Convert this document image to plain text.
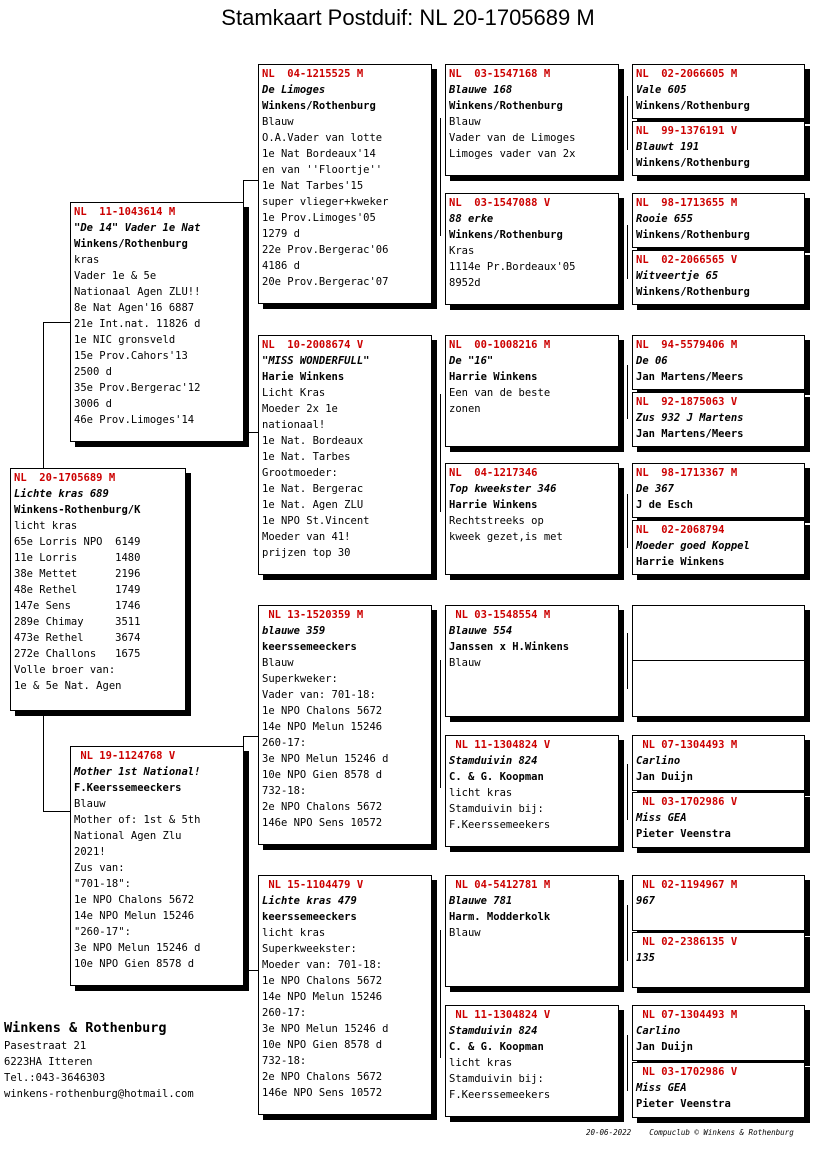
Stamkaart Postduif: NL 20-1705689 M
NL  20-1705689 M
Lichte kras 689
Winkens-Rothenburg/K
licht kras
65e Lorris NPO  6149
11e Lorris      1480
38e Mettet      2196
48e Rethel      1749
147e Sens       1746
289e Chimay     3511
473e Rethel     3674
272e Challons   1675
Volle broer van:
1e & 5e Nat. Agen
NL  11-1043614 M
"De 14" Vader 1e Nat
Winkens/Rothenburg
kras
Vader 1e & 5e
Nationaal Agen ZLU!!
8e Nat Agen'16 6887
21e Int.nat. 11826 d
1e NIC gronsveld
15e Prov.Cahors'13
2500 d
35e Prov.Bergerac'12
3006 d
46e Prov.Limoges'14
NL 19-1124768 V
Mother 1st National!
F.Keerssemeeckers
Blauw
Mother of: 1st & 5th
National Agen Zlu
2021!
Zus van:
"701-18":
1e NPO Chalons 5672
14e NPO Melun 15246
"260-17":
3e NPO Melun 15246 d
10e NPO Gien 8578 d
NL  04-1215525 M
De Limoges
Winkens/Rothenburg
Blauw
O.A.Vader van lotte
1e Nat Bordeaux'14
en van ''Floortje''
1e Nat Tarbes'15
super vlieger+kweker
1e Prov.Limoges'05
1279 d
22e Prov.Bergerac'06
4186 d
20e Prov.Bergerac'07
NL  10-2008674 V
"MISS WONDERFULL"
Harie Winkens
Licht Kras
Moeder 2x 1e
nationaal!
1e Nat. Bordeaux
1e Nat. Tarbes
Grootmoeder:
1e Nat. Bergerac
1e Nat. Agen ZLU
1e NPO St.Vincent
Moeder van 41!
prijzen top 30
NL 13-1520359 M
blauwe 359
keerssemeeckers
Blauw
Superkweker:
Vader van: 701-18:
1e NPO Chalons 5672
14e NPO Melun 15246
260-17:
3e NPO Melun 15246 d
10e NPO Gien 8578 d
732-18:
2e NPO Chalons 5672
146e NPO Sens 10572
NL 15-1104479 V
Lichte kras 479
keerssemeeckers
licht kras
Superkweekster:
Moeder van: 701-18:
1e NPO Chalons 5672
14e NPO Melun 15246
260-17:
3e NPO Melun 15246 d
10e NPO Gien 8578 d
732-18:
2e NPO Chalons 5672
146e NPO Sens 10572
NL  03-1547168 M
Blauwe 168
Winkens/Rothenburg
Blauw
Vader van de Limoges
Limoges vader van 2x
NL  03-1547088 V
88 erke
Winkens/Rothenburg
Kras
1114e Pr.Bordeaux'05
8952d
NL  00-1008216 M
De "16"
Harrie Winkens
Een van de beste
zonen
NL  04-1217346
Top kweekster 346
Harrie Winkens
Rechtstreeks op
kweek gezet,is met
NL 03-1548554 M
Blauwe 554
Janssen x H.Winkens
Blauw
NL 11-1304824 V
Stamduivin 824
C. & G. Koopman
licht kras
Stamduivin bij:
F.Keerssemeekers
NL 04-5412781 M
Blauwe 781
Harm. Modderkolk
Blauw
NL 11-1304824 V
Stamduivin 824
C. & G. Koopman
licht kras
Stamduivin bij:
F.Keerssemeekers
NL  02-2066605 M
Vale 605
Winkens/Rothenburg
NL  99-1376191 V
Blauwt 191
Winkens/Rothenburg
NL  98-1713655 M
Rooie 655
Winkens/Rothenburg
NL  02-2066565 V
Witveertje 65
Winkens/Rothenburg
NL  94-5579406 M
De 06
Jan Martens/Meers
NL  92-1875063 V
Zus 932 J Martens
Jan Martens/Meers
NL  98-1713367 M
De 367
J de Esch
NL  02-2068794
Moeder goed Koppel
Harrie Winkens
NL 07-1304493 M
Carlino
Jan Duijn
NL 03-1702986 V
Miss GEA
Pieter Veenstra
NL 02-1194967 M
967
NL 02-2386135 V
135
NL 07-1304493 M
Carlino
Jan Duijn
NL 03-1702986 V
Miss GEA
Pieter Veenstra
Winkens & Rothenburg
Pasestraat 21
6223HA Itteren
Tel.:043-3646303
winkens-rothenburg@hotmail.com
20-06-2022    Compuclub © Winkens & Rothenburg
